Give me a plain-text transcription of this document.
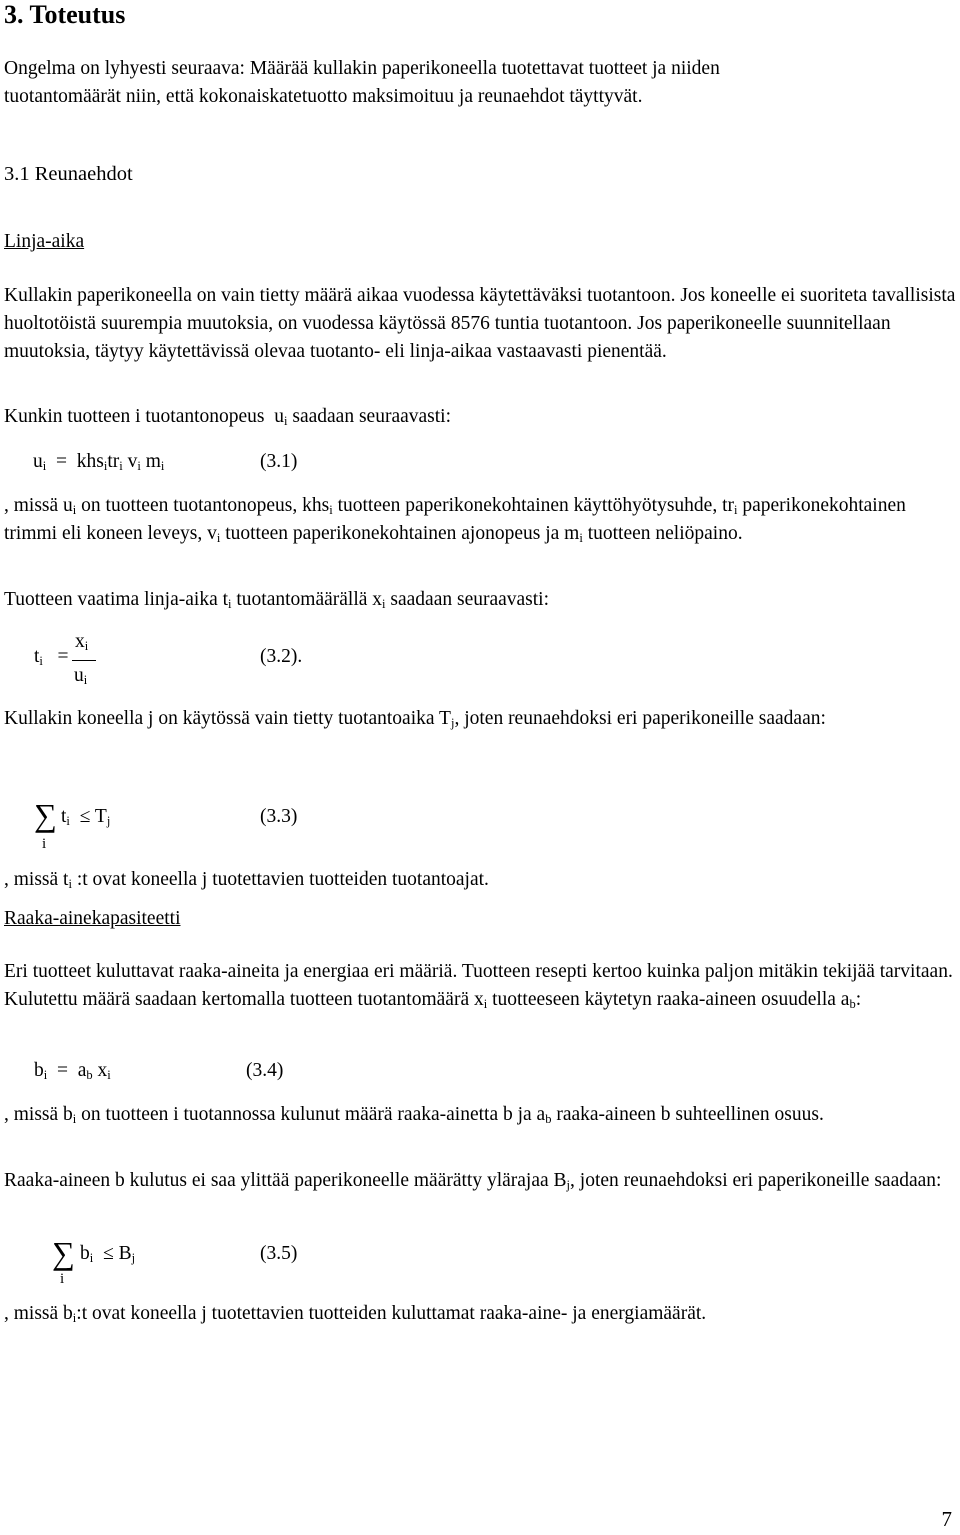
3. Toteutus
Ongelma on lyhyesti seuraava: Määrää kullakin paperikoneella tuotettavat tuotteet ja niiden
tuotantomäärät niin, että kokonaiskatetuotto maksimoituu ja reunaehdot täyttyvät.
3.1 Reunaehdot
Linja-aika
Kullakin paperikoneella on vain tietty määrä aikaa vuodessa käytettäväksi tuotantoon. Jos koneelle ei suoriteta tavallisista huoltotöistä suurempia muutoksia, on vuodessa käytössä 8576 tuntia tuotantoon. Jos paperikoneelle suunnitellaan muutoksia, täytyy käytettävissä olevaa tuotanto- eli linja-aikaa vastaavasti pienentää.
Kunkin tuotteen i tuotantonopeus $u_i$ saadaan seuraavasti:
$u_i = khs_itr_i$ $v_i$ $m_i$	(3.1)
, missä $u_i$ on tuotteen tuotantonopeus, khs$_i$ tuotteen paperikonekohtainen käyttöhyötysuhde, $tr_i$ paperikonekohtainen trimmi eli koneen leveys, $v_i$ tuotteen paperikonekohtainen ajonopeus ja $m_i$ tuotteen neliöpaino.
Tuotteen vaatima linja-aika $t_i$ tuotantomäärällä $x_i$ saadaan seuraavasti:
$t_i$ =
$x_i$
$u_i$
(3.2).
Kullakin koneella j on käytössä vain tietty tuotantoaika $T_j$, joten reunaehdoksi eri paperikoneille saadaan:
∑
i
$t_i \le T_j$	(3.3)
, missä $t_i$ :t ovat koneella j tuotettavien tuotteiden tuotantoajat.
Raaka-ainekapasiteetti
Eri tuotteet kuluttavat raaka-aineita ja energiaa eri määriä. Tuotteen resepti kertoo kuinka paljon mitäkin tekijää tarvitaan. Kulutettu määrä saadaan kertomalla tuotteen tuotantomäärä $x_i$ tuotteeseen käytetyn raaka-aineen osuudella $a_b$:
$b_i = a_b$ $x_i$	(3.4)
, missä $b_i$ on tuotteen i tuotannossa kulunut määrä raaka-ainetta b ja $a_b$ raaka-aineen b suhteellinen osuus.
Raaka-aineen b kulutus ei saa ylittää paperikoneelle määrätty ylärajaa $B_j$, joten reunaehdoksi eri paperikoneille saadaan:
∑
i
$b_i \le B_j$	(3.5)
, missä $b_i:t$ ovat koneella j tuotettavien tuotteiden kuluttamat raaka-aine- ja energiamäärät.
7
